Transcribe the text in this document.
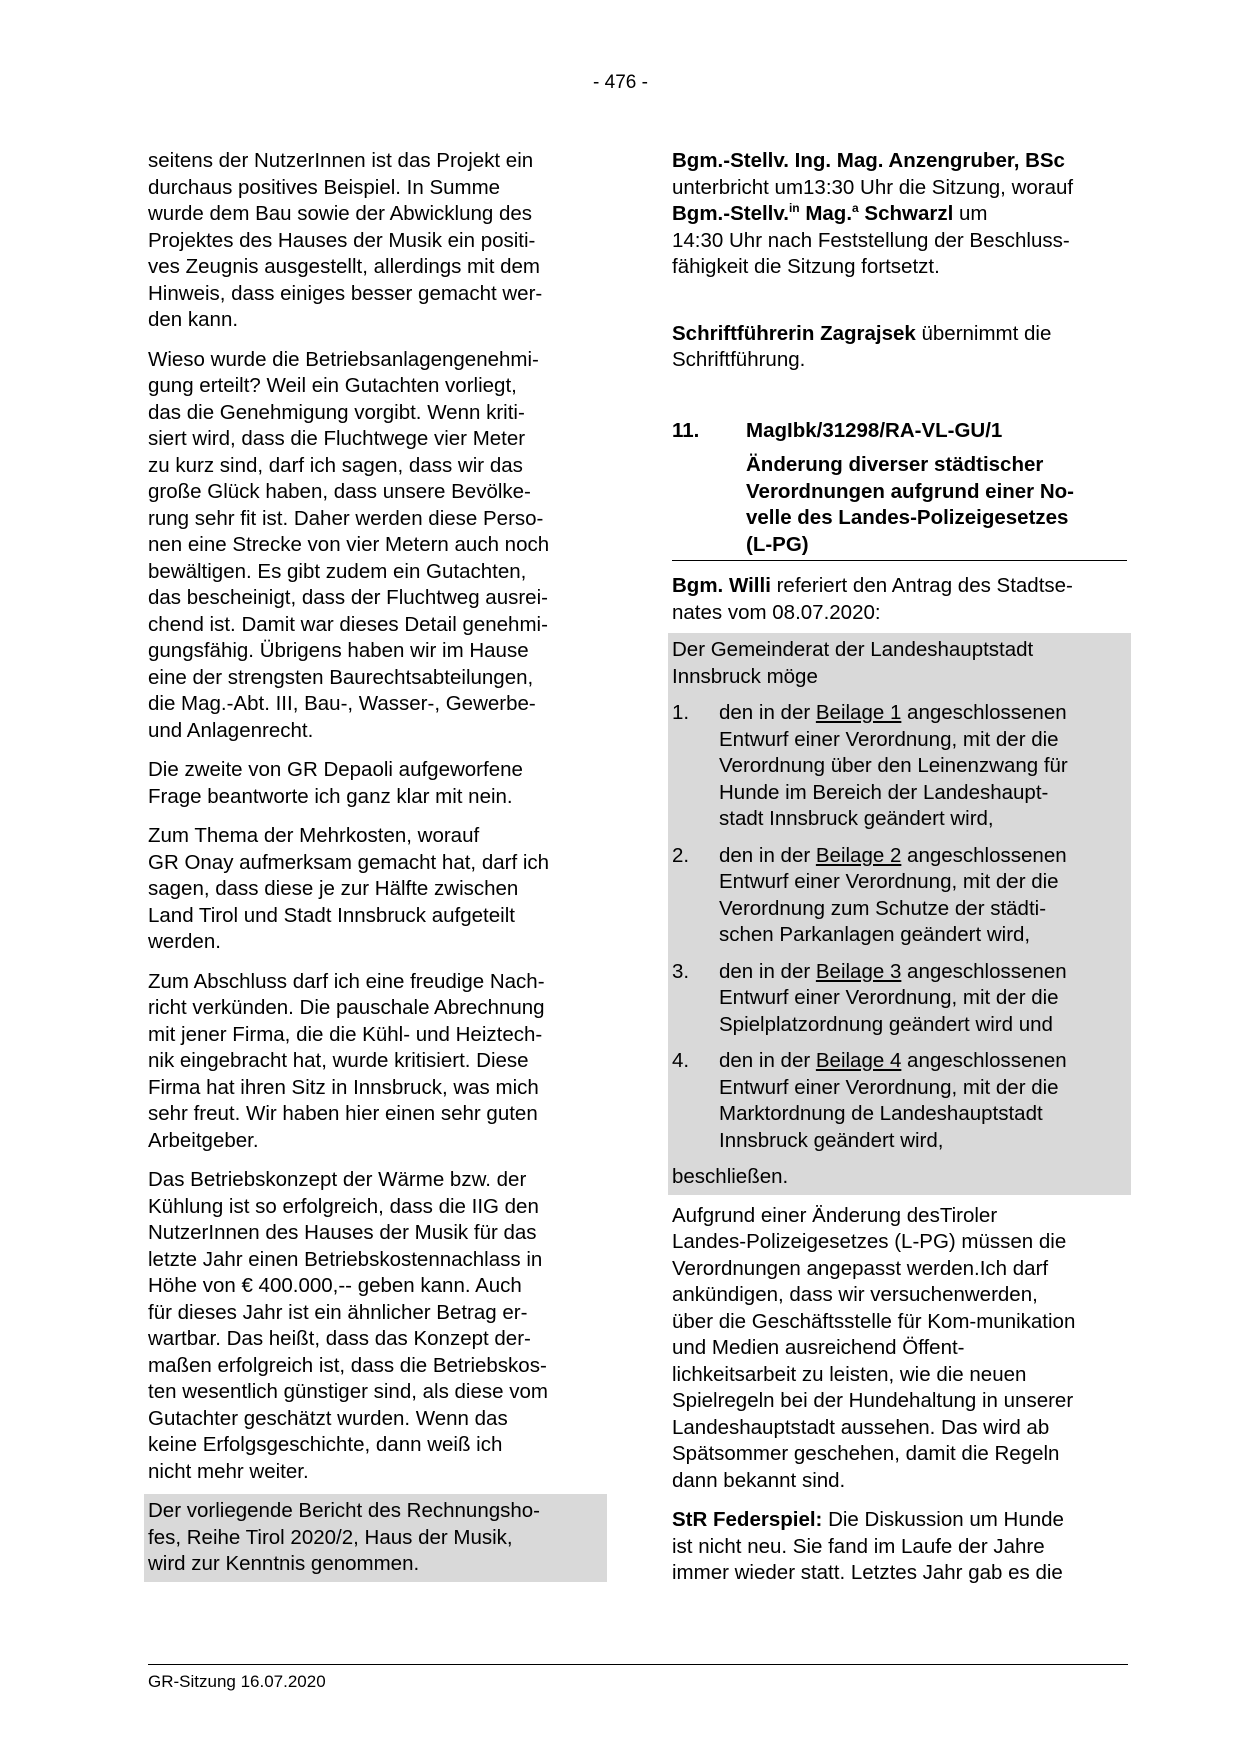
- 476 -

seitens der NutzerInnen ist das Projekt ein
durchaus positives Beispiel. In Summe
wurde dem Bau sowie der Abwicklung des
Projektes des Hauses der Musik ein positi-
ves Zeugnis ausgestellt, allerdings mit dem
Hinweis, dass einiges besser gemacht wer-
den kann.

Wieso wurde die Betriebsanlagengenehmi-
gung erteilt? Weil ein Gutachten vorliegt,
das die Genehmigung vorgibt. Wenn kriti-
siert wird, dass die Fluchtwege vier Meter
zu kurz sind, darf ich sagen, dass wir das
große Glück haben, dass unsere Bevölke-
rung sehr fit ist. Daher werden diese Perso-
nen eine Strecke von vier Metern auch noch
bewältigen. Es gibt zudem ein Gutachten,
das bescheinigt, dass der Fluchtweg ausrei-
chend ist. Damit war dieses Detail genehmi-
gungsfähig. Übrigens haben wir im Hause
eine der strengsten Baurechtsabteilungen,
die Mag.-Abt. III, Bau-, Wasser-, Gewerbe-
und Anlagenrecht.

Die zweite von GR Depaoli aufgeworfene
Frage beantworte ich ganz klar mit nein.

Zum Thema der Mehrkosten, worauf
GR Onay aufmerksam gemacht hat, darf ich
sagen, dass diese je zur Hälfte zwischen
Land Tirol und Stadt Innsbruck aufgeteilt
werden.

Zum Abschluss darf ich eine freudige Nach-
richt verkünden. Die pauschale Abrechnung
mit jener Firma, die die Kühl- und Heiztech-
nik eingebracht hat, wurde kritisiert. Diese
Firma hat ihren Sitz in Innsbruck, was mich
sehr freut. Wir haben hier einen sehr guten
Arbeitgeber.

Das Betriebskonzept der Wärme bzw. der
Kühlung ist so erfolgreich, dass die IIG den
NutzerInnen des Hauses der Musik für das
letzte Jahr einen Betriebskostennachlass in
Höhe von € 400.000,-- geben kann. Auch
für dieses Jahr ist ein ähnlicher Betrag er-
wartbar. Das heißt, dass das Konzept der-
maßen erfolgreich ist, dass die Betriebskos-
ten wesentlich günstiger sind, als diese vom
Gutachter geschätzt wurden. Wenn das
keine Erfolgsgeschichte, dann weiß ich
nicht mehr weiter.

Der vorliegende Bericht des Rechnungsho-
fes, Reihe Tirol 2020/2, Haus der Musik,
wird zur Kenntnis genommen.

Bgm.-Stellv. Ing. Mag. Anzengruber, BSc
unterbricht um13:30 Uhr die Sitzung, worauf
Bgm.-Stellv.$^{in}$ Mag.$^a$ Schwarzl um
14:30 Uhr nach Feststellung der Beschluss-
fähigkeit die Sitzung fortsetzt.

Schriftführerin Zagrajsek übernimmt die
Schriftführung.

11.	MagIbk/31298/RA-VL-GU/1
Änderung diverser städtischer
Verordnungen aufgrund einer No-
velle des Landes-Polizeigesetzes
(L-PG)

Bgm. Willi referiert den Antrag des Stadtse-
nates vom 08.07.2020:

Der Gemeinderat der Landeshauptstadt
Innsbruck möge
1.	den in der Beilage 1 angeschlossenen
Entwurf einer Verordnung, mit der die
Verordnung über den Leinenzwang für
Hunde im Bereich der Landeshaupt-
stadt Innsbruck geändert wird,
2.	den in der Beilage 2 angeschlossenen
Entwurf einer Verordnung, mit der die
Verordnung zum Schutze der städti-
schen Parkanlagen geändert wird,
3.	den in der Beilage 3 angeschlossenen
Entwurf einer Verordnung, mit der die
Spielplatzordnung geändert wird und
4.	den in der Beilage 4 angeschlossenen
Entwurf einer Verordnung, mit der die
Marktordnung de Landeshauptstadt
Innsbruck geändert wird,
beschließen.

Aufgrund einer Änderung desTiroler
Landes-Polizeigesetzes (L-PG) müssen die
Verordnungen angepasst werden.Ich darf
ankündigen, dass wir versuchenwerden,
über die Geschäftsstelle für Kom-munikation
und Medien ausreichend Öffent-
lichkeitsarbeit zu leisten, wie die neuen
Spielregeln bei der Hundehaltung in unserer
Landeshauptstadt aussehen. Das wird ab
Spätsommer geschehen, damit die Regeln
dann bekannt sind.

StR Federspiel: Die Diskussion um Hunde
ist nicht neu. Sie fand im Laufe der Jahre
immer wieder statt. Letztes Jahr gab es die

GR-Sitzung 16.07.2020
